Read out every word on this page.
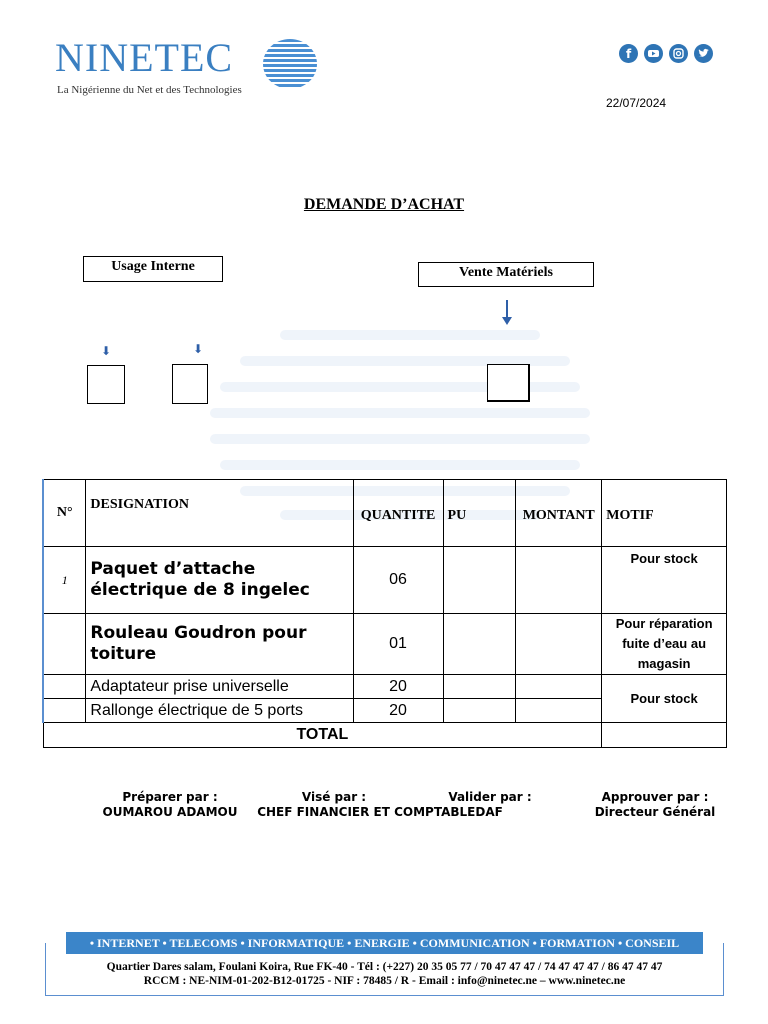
NINETEC
La Nigérienne du Net et des Technologies
f
22/07/2024
DEMANDE D’ACHAT
Usage Interne	Vente Matériels
⬇	⬇
N°	DESIGNATION	QUANTITE	PU	MONTANT	MOTIF
1	Paquet d’attache électrique de 8 ingelec	06			Pour stock
	Rouleau Goudron pour toiture	01			Pour réparation fuite d’eau au magasin
	Adaptateur prise universelle	20			Pour stock
	Rallonge électrique de 5 ports	20			
TOTAL					
Préparer par :
OUMAROU ADAMOU
Visé par :
CHEF FINANCIER ET COMPTABLEDAF
Valider par :	Approuver par :
Directeur Général
• INTERNET • TELECOMS • INFORMATIQUE • ENERGIE • COMMUNICATION • FORMATION • CONSEIL
Quartier Dares salam, Foulani Koira, Rue FK-40 - Tél : (+227) 20 35 05 77 / 70 47 47 47 / 74 47 47 47 / 86 47 47 47
RCCM : NE-NIM-01-202-B12-01725 - NIF : 78485 / R - Email : info@ninetec.ne – www.ninetec.ne
